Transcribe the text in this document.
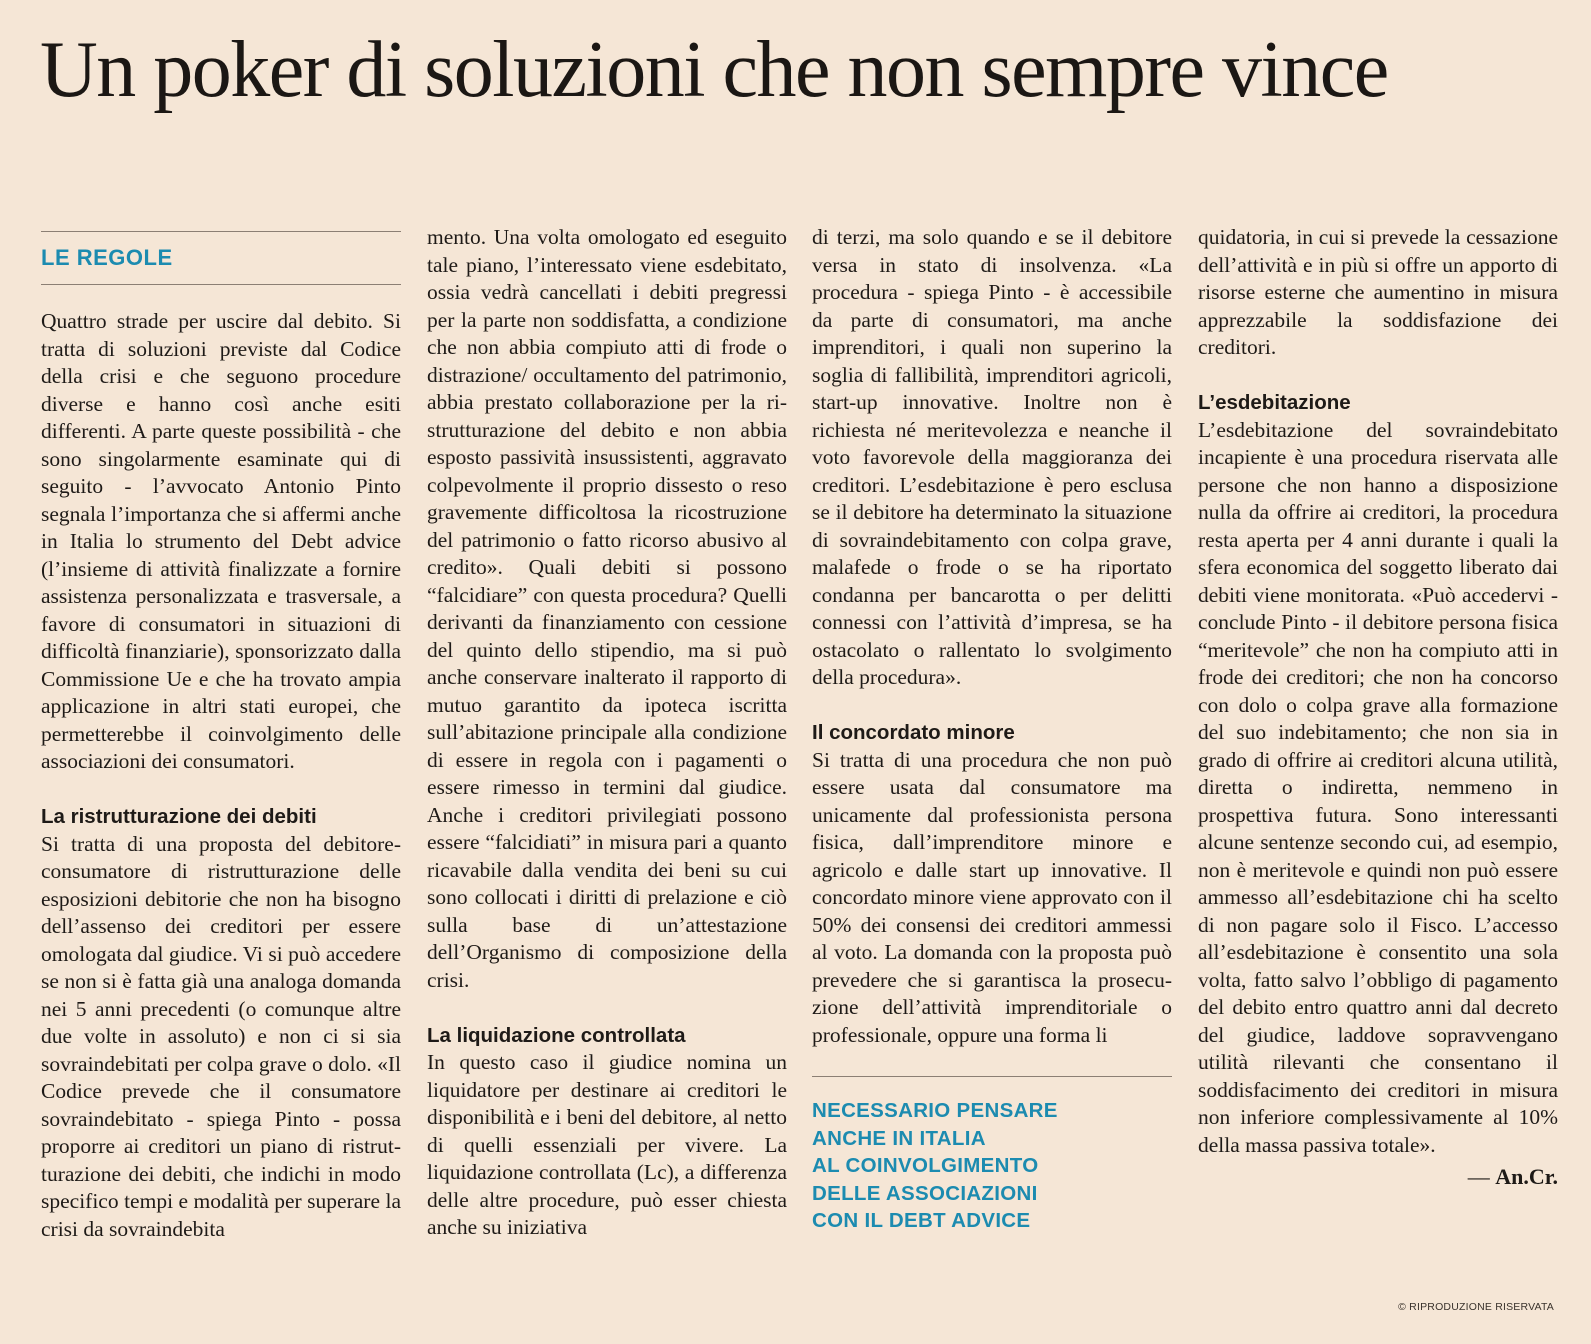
Un poker di soluzioni che non sempre vince
LE REGOLE

Quattro strade per uscire dal debito. Si tratta di soluzioni previste dal Codice della crisi e che seguono procedure diverse e hanno così anche esiti differenti. A parte queste possibilità - che sono singolarmente esaminate qui di seguito - l’avvocato Antonio Pinto segnala l’importanza che si affermi anche in Italia lo strumento del Debt advice (l’insieme di attività finalizzate a fornire assistenza personalizzata e trasversale, a favore di consumatori in situazioni di difficoltà finanziarie), sponsorizzato dalla Commissione Ue e che ha trovato ampia applicazione in altri stati europei, che permetterebbe il coinvolgimento delle associazioni dei consumatori.

La ristrutturazione dei debiti

Si tratta di una proposta del debitore-consumatore di ristrutturazione delle esposizioni debitorie che non ha bisogno dell’assenso dei creditori per essere omologata dal giudice. Vi si può accedere se non si è fatta già una analoga domanda nei 5 anni precedenti (o comunque altre due volte in assoluto) e non ci si sia sovraindebitati per colpa grave o dolo. «Il Codice prevede che il consumatore sovraindebitato - spiega Pinto - possa proporre ai creditori un piano di ristrutturazione dei debiti, che indichi in modo specifico tempi e modalità per superare la crisi da sovraindebita

mento. Una volta omologato ed eseguito tale piano, l’interessato viene esdebitato, ossia vedrà cancellati i debiti pregressi per la parte non soddisfatta, a condizione che non abbia compiuto atti di frode o distrazione/ occultamento del patrimonio, abbia prestato collaborazione per la ristrutturazione del debito e non abbia esposto passività insussistenti, aggravato colpevolmente il proprio dissesto o reso gravemente difficoltosa la ricostruzione del patrimonio o fatto ricorso abusivo al credito». Quali debiti si possono “falcidiare” con questa procedura? Quelli derivanti da finanziamento con cessione del quinto dello stipendio, ma si può anche conservare inalterato il rapporto di mutuo garantito da ipoteca iscritta sull’abitazione principale alla condizione di essere in regola con i pagamenti o essere rimesso in termini dal giudice. Anche i creditori privilegiati possono essere “falcidiati” in misura pari a quanto ricavabile dalla vendita dei beni su cui sono collocati i diritti di prelazione e ciò sulla base di un’attestazione dell’Organismo di composizione della crisi.

La liquidazione controllata

In questo caso il giudice nomina un liquidatore per destinare ai creditori le disponibilità e i beni del debitore, al netto di quelli essenziali per vivere. La liquidazione controllata (Lc), a differenza delle altre procedure, può esser chiesta anche su iniziativa

di terzi, ma solo quando e se il debitore versa in stato di insolvenza. «La procedura - spiega Pinto - è accessibile da parte di consumatori, ma anche imprenditori, i quali non superino la soglia di fallibilità, imprenditori agricoli, start-up innovative. Inoltre non è richiesta né meritevolezza e neanche il voto favorevole della maggioranza dei creditori. L’esdebitazione è pero esclusa se il debitore ha determinato la situazione di sovraindebitamento con colpa grave, malafede o frode o se ha riportato condanna per bancarotta o per delitti connessi con l’attività d’impresa, se ha ostacolato o rallentato lo svolgimento della procedura».

Il concordato minore

Si tratta di una procedura che non può essere usata dal consumatore ma unicamente dal professionista persona fisica, dall’imprenditore minore e agricolo e dalle start up innovative. Il concordato minore viene approvato con il 50% dei consensi dei creditori ammessi al voto. La domanda con la proposta può prevedere che si garantisca la prosecuzione dell’attività imprenditoriale o professionale, oppure una forma li

NECESSARIO PENSARE
ANCHE IN ITALIA
AL COINVOLGIMENTO
DELLE ASSOCIAZIONI
CON IL DEBT ADVICE

quidatoria, in cui si prevede la cessazione dell’attività e in più si offre un apporto di risorse esterne che aumentino in misura apprezzabile la soddisfazione dei creditori.

L’esdebitazione

L’esdebitazione del sovraindebitato incapiente è una procedura riservata alle persone che non hanno a disposizione nulla da offrire ai creditori, la procedura resta aperta per 4 anni durante i quali la sfera economica del soggetto liberato dai debiti viene monitorata. «Può accedervi - conclude Pinto - il debitore persona fisica “meritevole” che non ha compiuto atti in frode dei creditori; che non ha concorso con dolo o colpa grave alla formazione del suo indebitamento; che non sia in grado di offrire ai creditori alcuna utilità, diretta o indiretta, nemmeno in prospettiva futura. Sono interessanti alcune sentenze secondo cui, ad esempio, non è meritevole e quindi non può essere ammesso all’esdebitazione chi ha scelto di non pagare solo il Fisco. L’accesso all’esdebitazione è consentito una sola volta, fatto salvo l’obbligo di pagamento del debito entro quattro anni dal decreto del giudice, laddove sopravvengano utilità rilevanti che consentano il soddisfacimento dei creditori in misura non inferiore complessivamente al 10% della massa passiva totale».

— An.Cr.
© RIPRODUZIONE RISERVATA
